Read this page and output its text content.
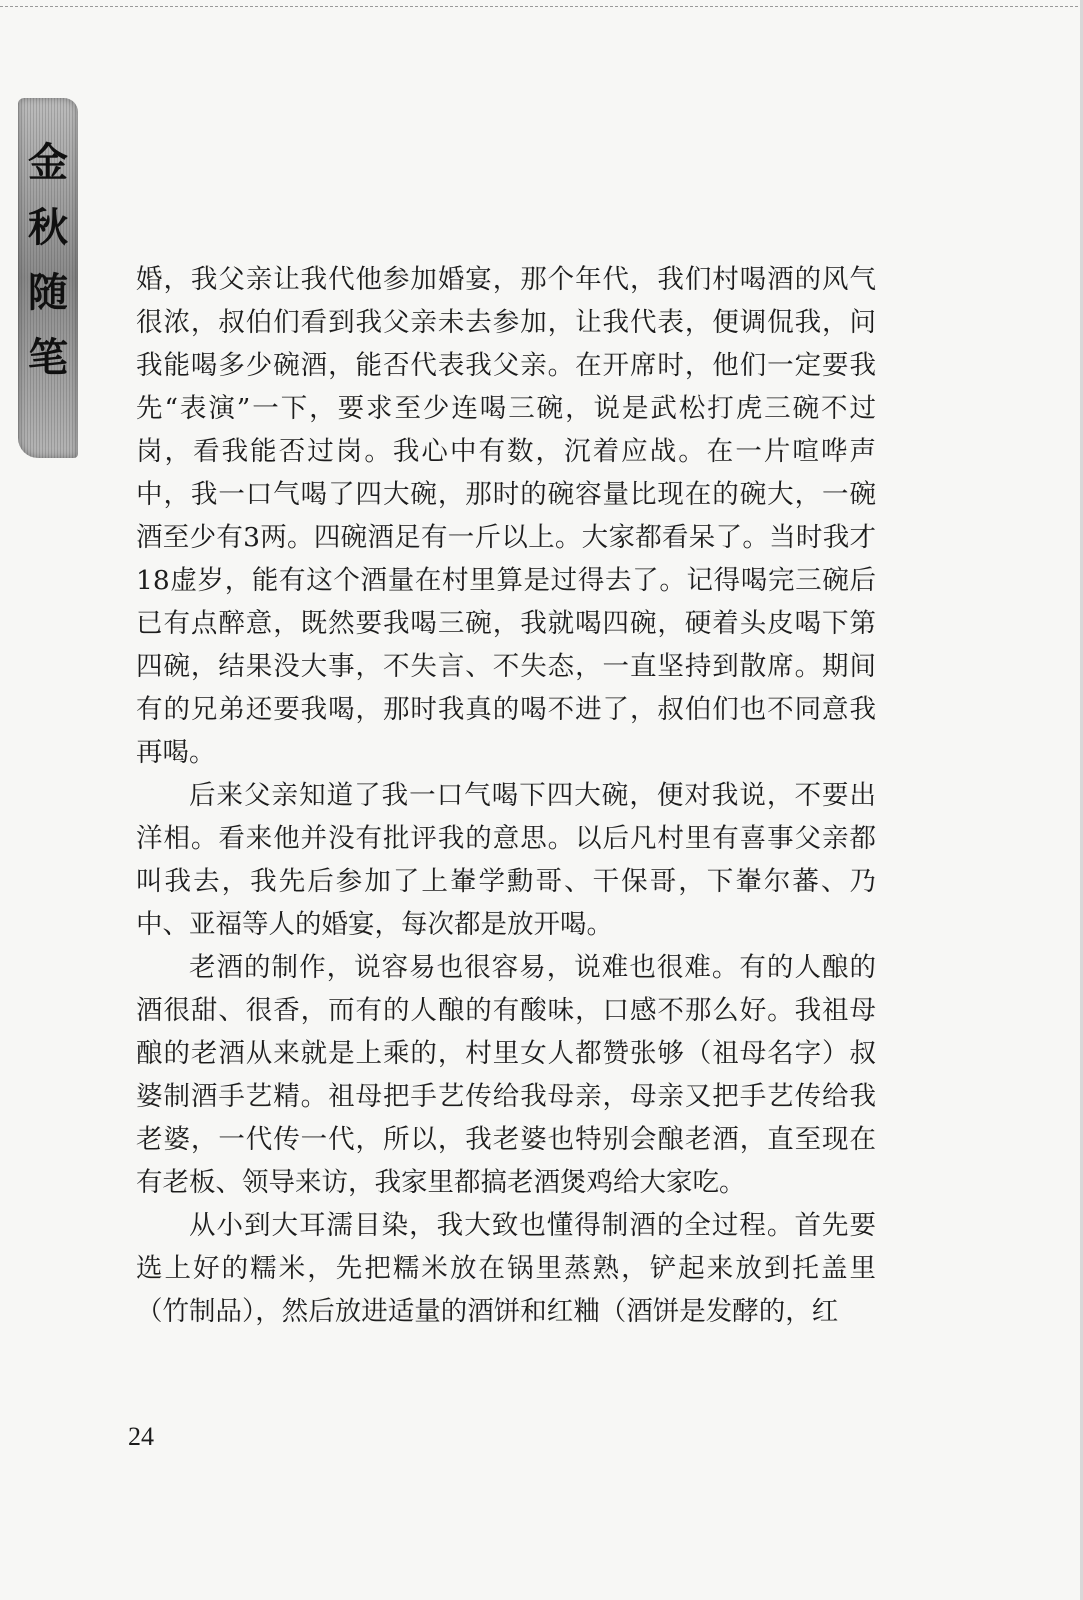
金
秋
随
笔

婚，我父亲让我代他参加婚宴，那个年代，我们村喝酒的风气很浓，叔伯们看到我父亲未去参加，让我代表，便调侃我，问我能喝多少碗酒，能否代表我父亲。在开席时，他们一定要我先“表演”一下，要求至少连喝三碗，说是武松打虎三碗不过岗，看我能否过岗。我心中有数，沉着应战。在一片喧哗声中，我一口气喝了四大碗，那时的碗容量比现在的碗大，一碗酒至少有3两。四碗酒足有一斤以上。大家都看呆了。当时我才18虚岁，能有这个酒量在村里算是过得去了。记得喝完三碗后已有点醉意，既然要我喝三碗，我就喝四碗，硬着头皮喝下第四碗，结果没大事，不失言、不失态，一直坚持到散席。期间有的兄弟还要我喝，那时我真的喝不进了，叔伯们也不同意我再喝。

后来父亲知道了我一口气喝下四大碗，便对我说，不要出洋相。看来他并没有批评我的意思。以后凡村里有喜事父亲都叫我去，我先后参加了上輋学勳哥、干保哥，下輋尔蕃、乃中、亚福等人的婚宴，每次都是放开喝。

老酒的制作，说容易也很容易，说难也很难。有的人酿的酒很甜、很香，而有的人酿的有酸味，口感不那么好。我祖母酿的老酒从来就是上乘的，村里女人都赞张够（祖母名字）叔婆制酒手艺精。祖母把手艺传给我母亲，母亲又把手艺传给我老婆，一代传一代，所以，我老婆也特别会酿老酒，直至现在有老板、领导来访，我家里都搞老酒煲鸡给大家吃。

从小到大耳濡目染，我大致也懂得制酒的全过程。首先要选上好的糯米，先把糯米放在锅里蒸熟，铲起来放到托盖里（竹制品），然后放进适量的酒饼和红粬（酒饼是发酵的，红

24
